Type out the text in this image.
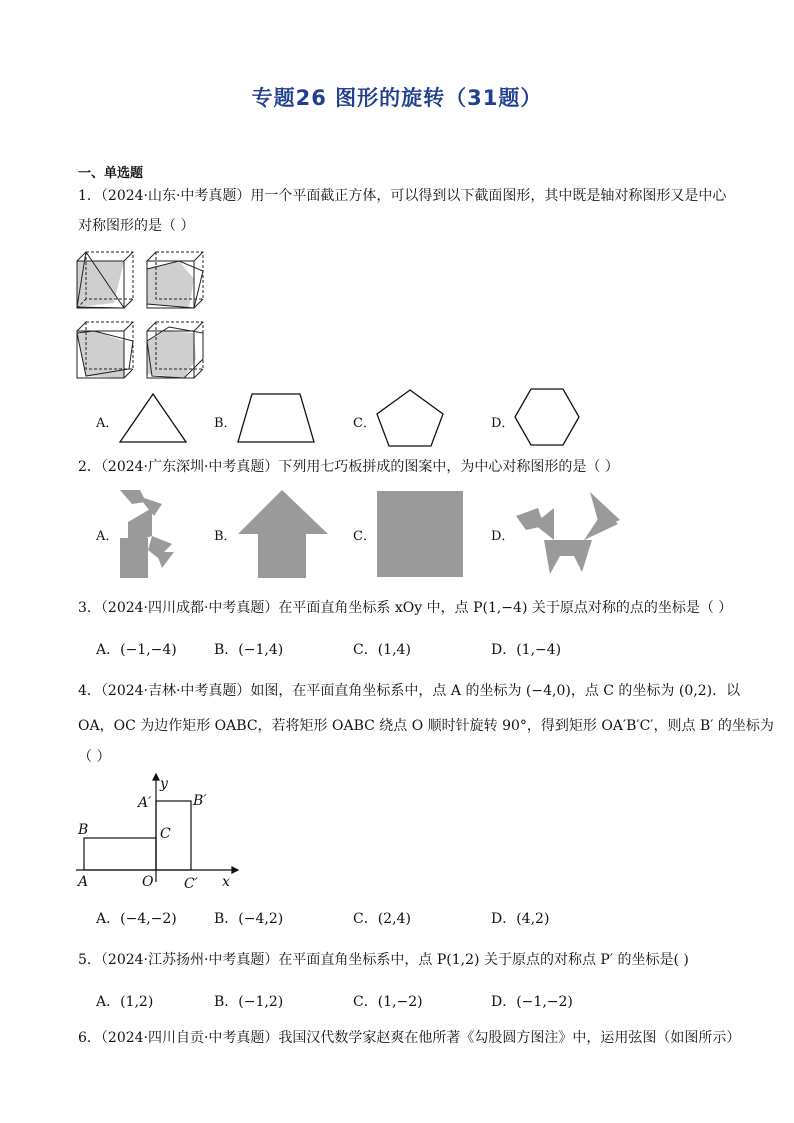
专题26 图形的旋转（31题）
一、单选题
1．（2024·山东·中考真题）用一个平面截正方体，可以得到以下截面图形，其中既是轴对称图形又是中心
对称图形的是（ ）
A．	B．	C．	D．
2．（2024·广东深圳·中考真题）下列用七巧板拼成的图案中，为中心对称图形的是（ ）
A．	B．	C．	D．
3．（2024·四川成都·中考真题）在平面直角坐标系 xOy 中，点 P(1,−4) 关于原点对称的点的坐标是（ ）
A．(−1,−4)	B．(−1,4)	C．(1,4)	D．(1,−4)
4．（2024·吉林·中考真题）如图，在平面直角坐标系中，点 A 的坐标为 (−4,0)，点 C 的坐标为 (0,2)．以
OA，OC 为边作矩形 OABC，若将矩形 OABC 绕点 O 顺时针旋转 90°，得到矩形 OA′B′C′，则点 B′ 的坐标为
（ ）
y
A′	B′
B	C
A	O C′ x
A．(−4,−2)	B．(−4,2)	C．(2,4)	D．(4,2)
5．（2024·江苏扬州·中考真题）在平面直角坐标系中，点 P(1,2) 关于原点的对称点 P′ 的坐标是( )
A．(1,2)	B．(−1,2)	C．(1,−2)	D．(−1,−2)
6．（2024·四川自贡·中考真题）我国汉代数学家赵爽在他所著《勾股圆方图注》中，运用弦图（如图所示）
